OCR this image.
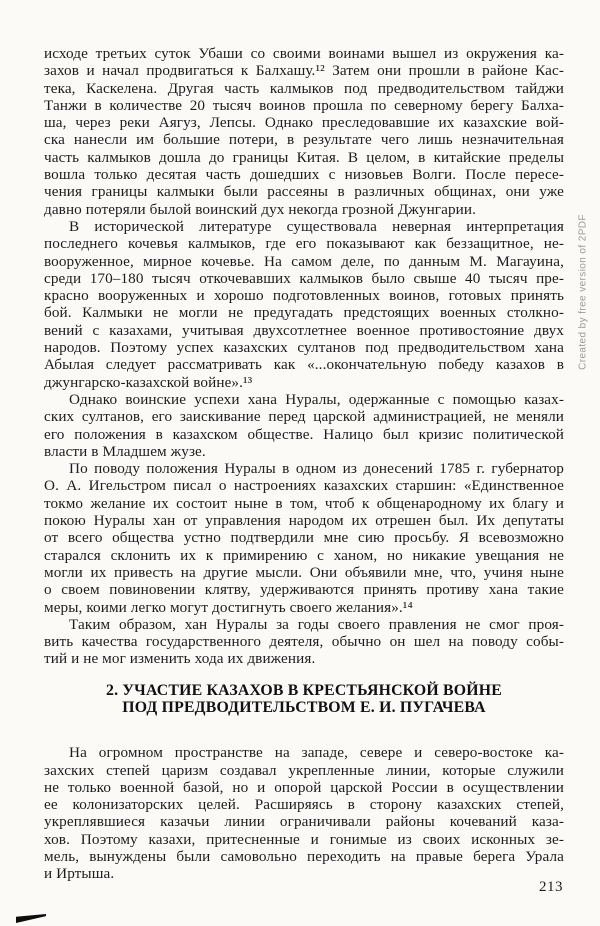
исходе третьих суток Убаши со своими воинами вышел из окружения ка-
захов и начал продвигаться к Балхашу.¹² Затем они прошли в районе Кас-
тека, Каскелена. Другая часть калмыков под предводительством тайджи
Танжи в количестве 20 тысяч воинов прошла по северному берегу Балха-
ша, через реки Аягуз, Лепсы. Однако преследовавшие их казахские вой-
ска нанесли им большие потери, в результате чего лишь незначительная
часть калмыков дошла до границы Китая. В целом, в китайские пределы
вошла только десятая часть дошедших с низовьев Волги. После пересе-
чения границы калмыки были рассеяны в различных общинах, они уже
давно потеряли былой воинский дух некогда грозной Джунгарии.
В исторической литературе существовала неверная интерпретация
последнего кочевья калмыков, где его показывают как беззащитное, не-
вооруженное, мирное кочевье. На самом деле, по данным М. Магауина,
среди 170–180 тысяч откочевавших калмыков было свыше 40 тысяч пре-
красно вооруженных и хорошо подготовленных воинов, готовых принять
бой. Калмыки не могли не предугадать предстоящих военных столкно-
вений с казахами, учитывая двухсотлетнее военное противостояние двух
народов. Поэтому успех казахских султанов под предводительством хана
Абылая следует рассматривать как «...окончательную победу казахов в
джунгарско-казахской войне».¹³
Однако воинские успехи хана Нуралы, одержанные с помощью казах-
ских султанов, его заискивание перед царской администрацией, не меняли
его положения в казахском обществе. Налицо был кризис политической
власти в Младшем жузе.
По поводу положения Нуралы в одном из донесений 1785 г. губернатор
О. А. Игельстром писал о настроениях казахских старшин: «Единственное
токмо желание их состоит ныне в том, чтоб к общенародному их благу и
покою Нуралы хан от управления народом их отрешен был. Их депутаты
от всего общества устно подтвердили мне сию просьбу. Я всевозможно
старался склонить их к примирению с ханом, но никакие увещания не
могли их привесть на другие мысли. Они объявили мне, что, учиня ныне
о своем повиновении клятву, удерживаются принять противу хана такие
меры, коими легко могут достигнуть своего желания».¹⁴
Таким образом, хан Нуралы за годы своего правления не смог проя-
вить качества государственного деятеля, обычно он шел на поводу собы-
тий и не мог изменить хода их движения.
2. УЧАСТИЕ КАЗАХОВ В КРЕСТЬЯНСКОЙ ВОЙНЕ
ПОД ПРЕДВОДИТЕЛЬСТВОМ Е. И. ПУГАЧЕВА
На огромном пространстве на западе, севере и северо-востоке ка-
захских степей царизм создавал укрепленные линии, которые служили
не только военной базой, но и опорой царской России в осуществлении
ее колонизаторских целей. Расширяясь в сторону казахских степей,
укреплявшиеся казачьи линии ограничивали районы кочеваний каза-
хов. Поэтому казахи, притесненные и гонимые из своих исконных зе-
мель, вынуждены были самовольно переходить на правые берега Урала
и Иртыша.
Created by free version of 2PDF
213
